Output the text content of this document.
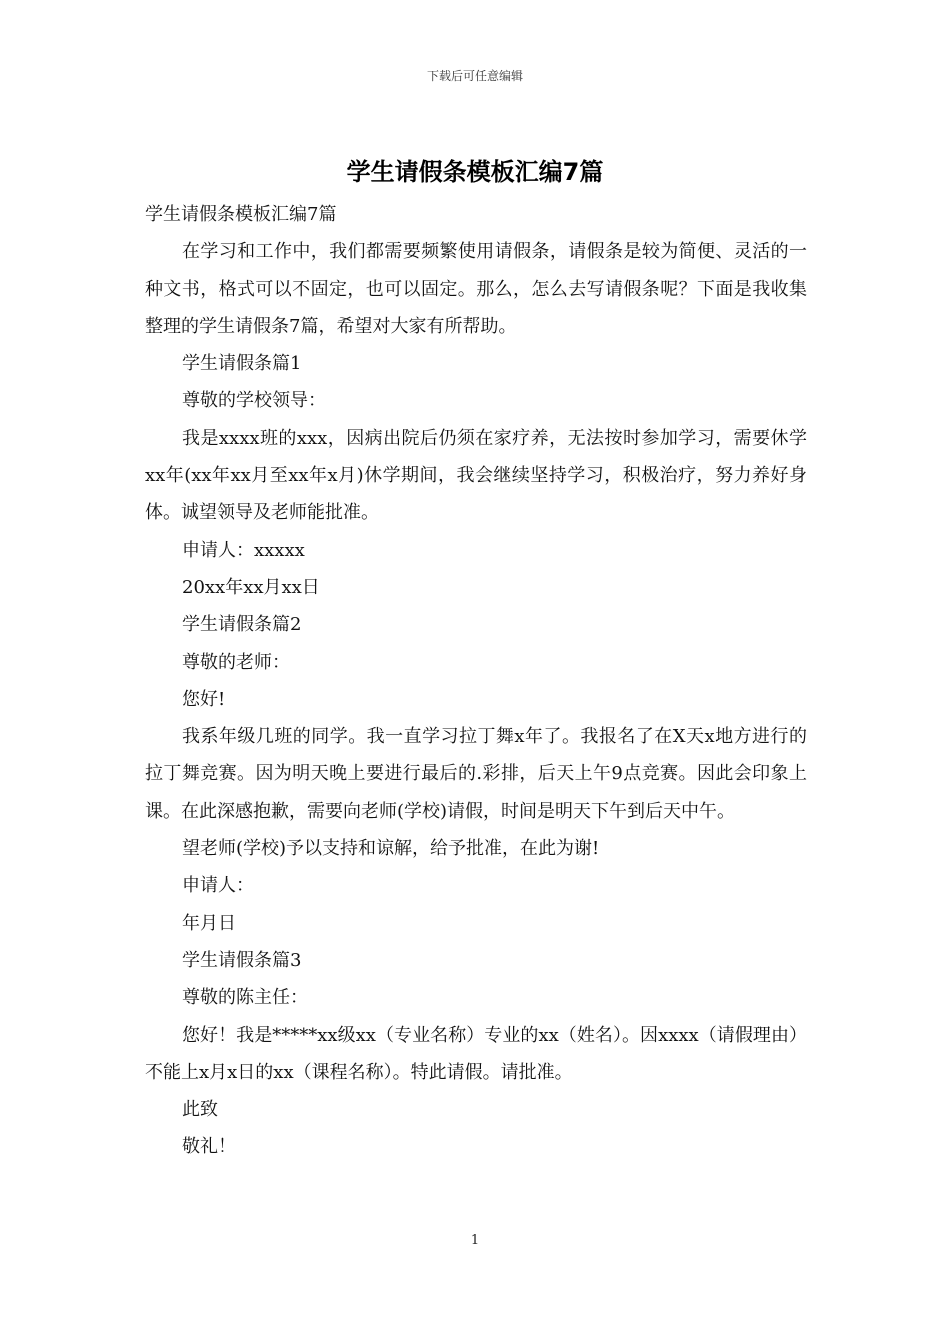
下载后可任意编辑
学生请假条模板汇编7篇

学生请假条模板汇编7篇

在学习和工作中，我们都需要频繁使用请假条，请假条是较为简便、灵活的一种文书，格式可以不固定，也可以固定。那么，怎么去写请假条呢？下面是我收集整理的学生请假条7篇，希望对大家有所帮助。

学生请假条篇1

尊敬的学校领导：

我是xxxx班的xxx，因病出院后仍须在家疗养，无法按时参加学习，需要休学xx年(xx年xx月至xx年x月)休学期间，我会继续坚持学习，积极治疗，努力养好身体。诚望领导及老师能批准。

申请人：xxxxx

20xx年xx月xx日

学生请假条篇2

尊敬的老师：

您好!

我系年级几班的同学。我一直学习拉丁舞x年了。我报名了在X天x地方进行的拉丁舞竞赛。因为明天晚上要进行最后的.彩排，后天上午9点竞赛。因此会印象上课。在此深感抱歉，需要向老师(学校)请假，时间是明天下午到后天中午。

望老师(学校)予以支持和谅解，给予批准，在此为谢!

申请人：

年月日

学生请假条篇3

尊敬的陈主任：

您好！我是*****xx级xx（专业名称）专业的xx（姓名）。因xxxx（请假理由）不能上x月x日的xx（课程名称）。特此请假。请批准。

此致

敬礼！

1
